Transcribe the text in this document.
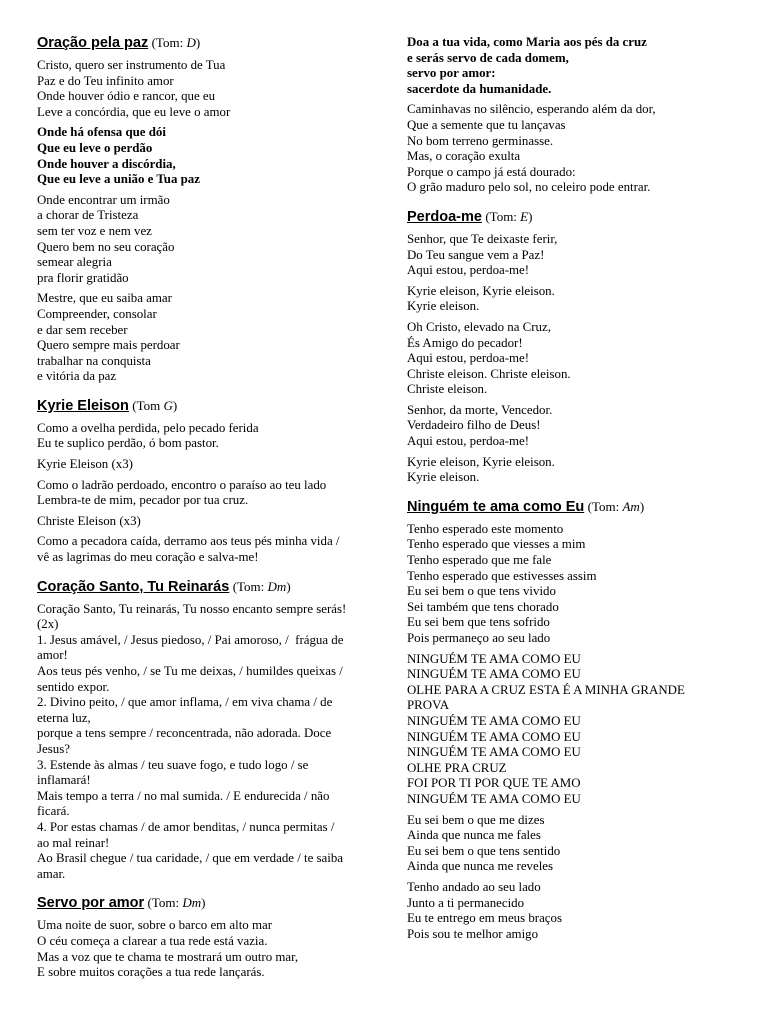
Oração pela paz (Tom: D)
Cristo, quero ser instrumento de Tua
Paz e do Teu infinito amor
Onde houver ódio e rancor, que eu
Leve a concórdia, que eu leve o amor
Onde há ofensa que dói
Que eu leve o perdão
Onde houver a discórdia,
Que eu leve a união e Tua paz
Onde encontrar um irmão
a chorar de Tristeza
sem ter voz e nem vez
Quero bem no seu coração
semear alegria
pra florir gratidão
Mestre, que eu saiba amar
Compreender, consolar
e dar sem receber
Quero sempre mais perdoar
trabalhar na conquista
e vitória da paz
Kyrie Eleison (Tom G)
Como a ovelha perdida, pelo pecado ferida
Eu te suplico perdão, ó bom pastor.
Kyrie Eleison (x3)
Como o ladrão perdoado, encontro o paraíso ao teu lado
Lembra-te de mim, pecador por tua cruz.
Christe Eleison (x3)
Como a pecadora caída, derramo aos teus pés minha vida /
vê as lagrimas do meu coração e salva-me!
Coração Santo, Tu Reinarás (Tom: Dm)
Coração Santo, Tu reinarás, Tu nosso encanto sempre serás!
(2x)
1. Jesus amável, / Jesus piedoso, / Pai amoroso, /  frágua de
amor!
Aos teus pés venho, / se Tu me deixas, / humildes queixas /
sentido expor.
2. Divino peito, / que amor inflama, / em viva chama / de
eterna luz,
porque a tens sempre / reconcentrada, não adorada. Doce
Jesus?
3. Estende às almas / teu suave fogo, e tudo logo / se
inflamará!
Mais tempo a terra / no mal sumida. / E endurecida / não
ficará.
4. Por estas chamas / de amor benditas, / nunca permitas /
ao mal reinar!
Ao Brasil chegue / tua caridade, / que em verdade / te saiba
amar.
Servo por amor (Tom: Dm)
Uma noite de suor, sobre o barco em alto mar
O céu começa a clarear a tua rede está vazia.
Mas a voz que te chama te mostrará um outro mar,
E sobre muitos corações a tua rede lançarás.
Doa a tua vida, como Maria aos pés da cruz
e serás servo de cada domem,
servo por amor:
sacerdote da humanidade.
Caminhavas no silêncio, esperando além da dor,
Que a semente que tu lançavas
No bom terreno germinasse.
Mas, o coração exulta
Porque o campo já está dourado:
O grão maduro pelo sol, no celeiro pode entrar.
Perdoa-me (Tom: E)
Senhor, que Te deixaste ferir,
Do Teu sangue vem a Paz!
Aqui estou, perdoa-me!
Kyrie eleison, Kyrie eleison.
Kyrie eleison.
Oh Cristo, elevado na Cruz,
És Amigo do pecador!
Aqui estou, perdoa-me!
Christe eleison. Christe eleison.
Christe eleison.
Senhor, da morte, Vencedor.
Verdadeiro filho de Deus!
Aqui estou, perdoa-me!
Kyrie eleison, Kyrie eleison.
Kyrie eleison.
Ninguém te ama como Eu (Tom: Am)
Tenho esperado este momento
Tenho esperado que viesses a mim
Tenho esperado que me fale
Tenho esperado que estivesses assim
Eu sei bem o que tens vivido
Sei também que tens chorado
Eu sei bem que tens sofrido
Pois permaneço ao seu lado
NINGUÉM TE AMA COMO EU
NINGUÉM TE AMA COMO EU
OLHE PARA A CRUZ ESTA É A MINHA GRANDE
PROVA
NINGUÉM TE AMA COMO EU
NINGUÉM TE AMA COMO EU
NINGUÉM TE AMA COMO EU
OLHE PRA CRUZ
FOI POR TI POR QUE TE AMO
NINGUÉM TE AMA COMO EU
Eu sei bem o que me dizes
Ainda que nunca me fales
Eu sei bem o que tens sentido
Ainda que nunca me reveles
Tenho andado ao seu lado
Junto a ti permanecido
Eu te entrego em meus braços
Pois sou te melhor amigo
